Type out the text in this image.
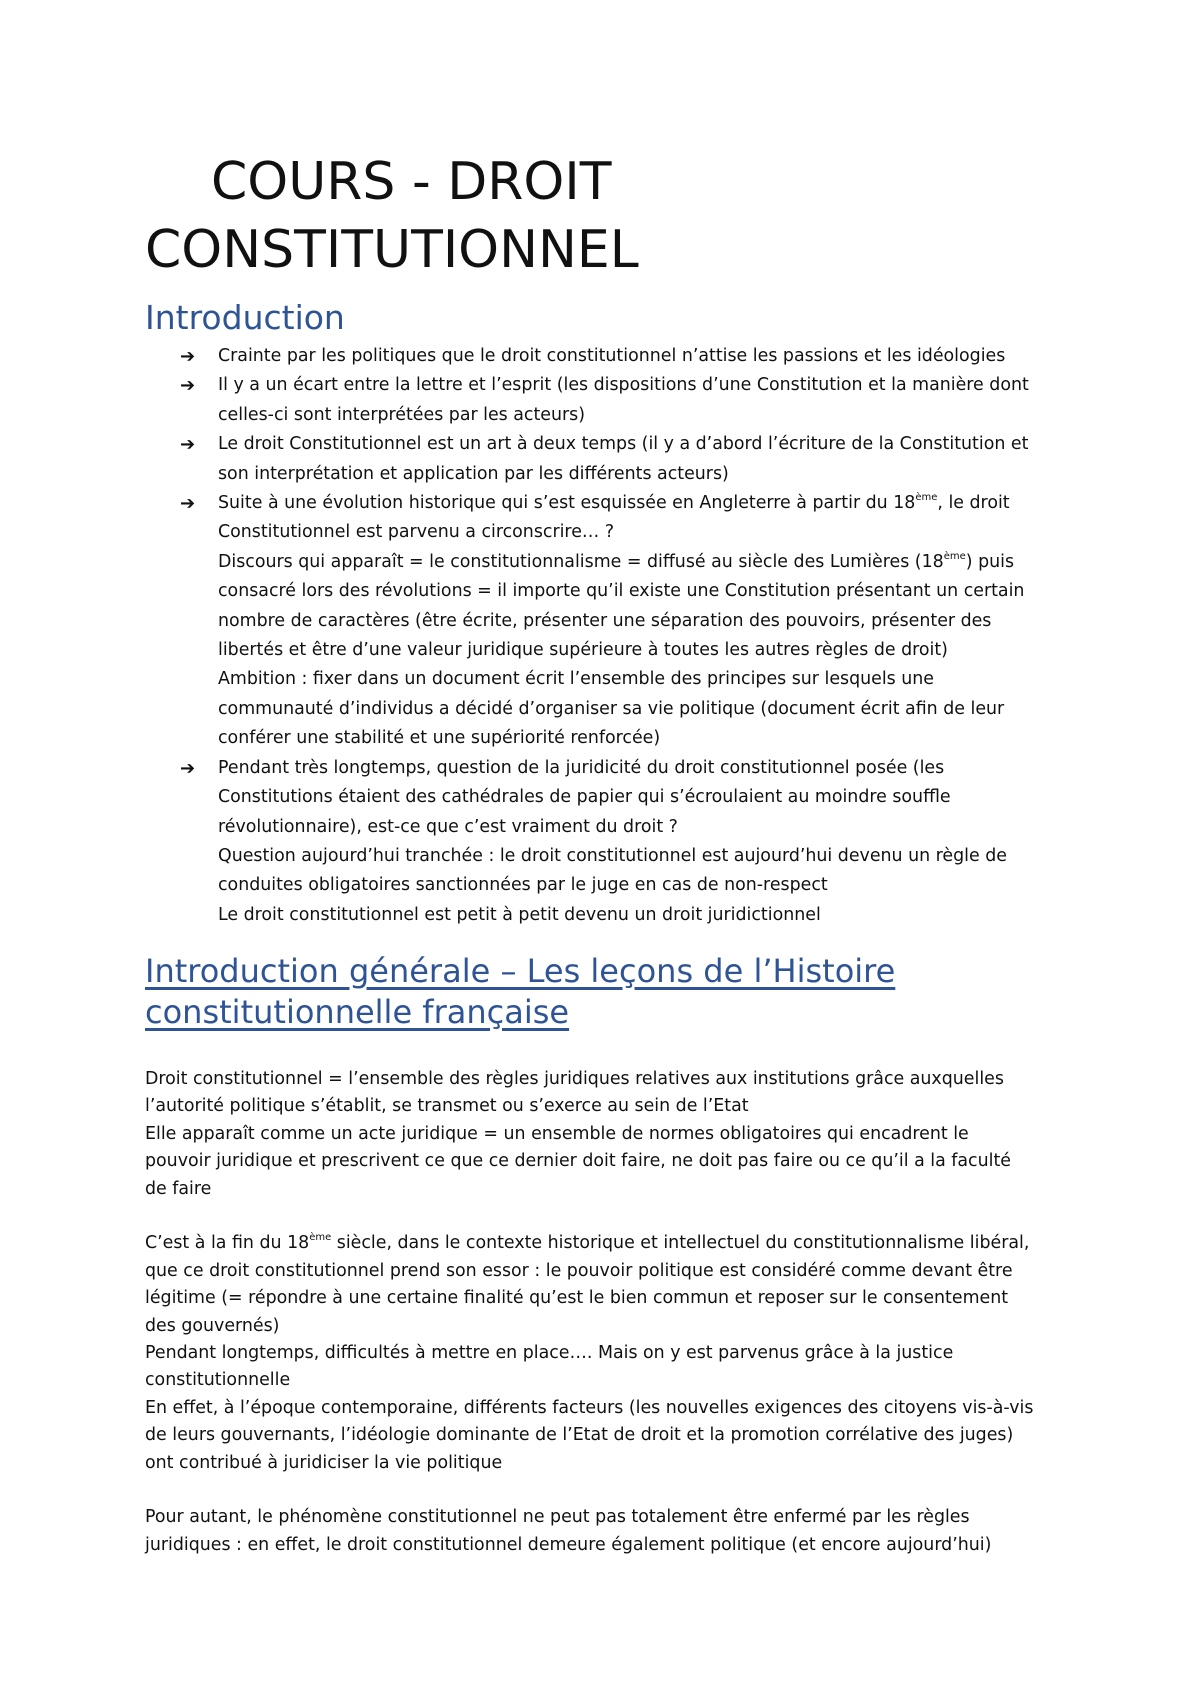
COURS - DROIT
CONSTITUTIONNEL
Introduction
➔ Crainte par les politiques que le droit constitutionnel n’attise les passions et les idéologies
➔ Il y a un écart entre la lettre et l’esprit (les dispositions d’une Constitution et la manière dont
celles-ci sont interprétées par les acteurs)
➔ Le droit Constitutionnel est un art à deux temps (il y a d’abord l’écriture de la Constitution et
son interprétation et application par les différents acteurs)
➔ Suite à une évolution historique qui s’est esquissée en Angleterre à partir du 18ème, le droit
Constitutionnel est parvenu a circonscrire… ?
Discours qui apparaît = le constitutionnalisme = diffusé au siècle des Lumières (18ème) puis
consacré lors des révolutions = il importe qu’il existe une Constitution présentant un certain
nombre de caractères (être écrite, présenter une séparation des pouvoirs, présenter des
libertés et être d’une valeur juridique supérieure à toutes les autres règles de droit)
Ambition : fixer dans un document écrit l’ensemble des principes sur lesquels une
communauté d’individus a décidé d’organiser sa vie politique (document écrit afin de leur
conférer une stabilité et une supériorité renforcée)
➔ Pendant très longtemps, question de la juridicité du droit constitutionnel posée (les
Constitutions étaient des cathédrales de papier qui s’écroulaient au moindre souffle
révolutionnaire), est-ce que c’est vraiment du droit ?
Question aujourd’hui tranchée : le droit constitutionnel est aujourd’hui devenu un règle de
conduites obligatoires sanctionnées par le juge en cas de non-respect
Le droit constitutionnel est petit à petit devenu un droit juridictionnel
Introduction générale – Les leçons de l’Histoire
constitutionnelle française

Droit constitutionnel = l’ensemble des règles juridiques relatives aux institutions grâce auxquelles
l’autorité politique s’établit, se transmet ou s’exerce au sein de l’Etat
Elle apparaît comme un acte juridique = un ensemble de normes obligatoires qui encadrent le
pouvoir juridique et prescrivent ce que ce dernier doit faire, ne doit pas faire ou ce qu’il a la faculté
de faire

C’est à la fin du 18ème siècle, dans le contexte historique et intellectuel du constitutionnalisme libéral,
que ce droit constitutionnel prend son essor : le pouvoir politique est considéré comme devant être
légitime (= répondre à une certaine finalité qu’est le bien commun et reposer sur le consentement
des gouvernés)
Pendant longtemps, difficultés à mettre en place…. Mais on y est parvenus grâce à la justice
constitutionnelle
En effet, à l’époque contemporaine, différents facteurs (les nouvelles exigences des citoyens vis-à-vis
de leurs gouvernants, l’idéologie dominante de l’Etat de droit et la promotion corrélative des juges)
ont contribué à juridiciser la vie politique

Pour autant, le phénomène constitutionnel ne peut pas totalement être enfermé par les règles
juridiques : en effet, le droit constitutionnel demeure également politique (et encore aujourd’hui)
